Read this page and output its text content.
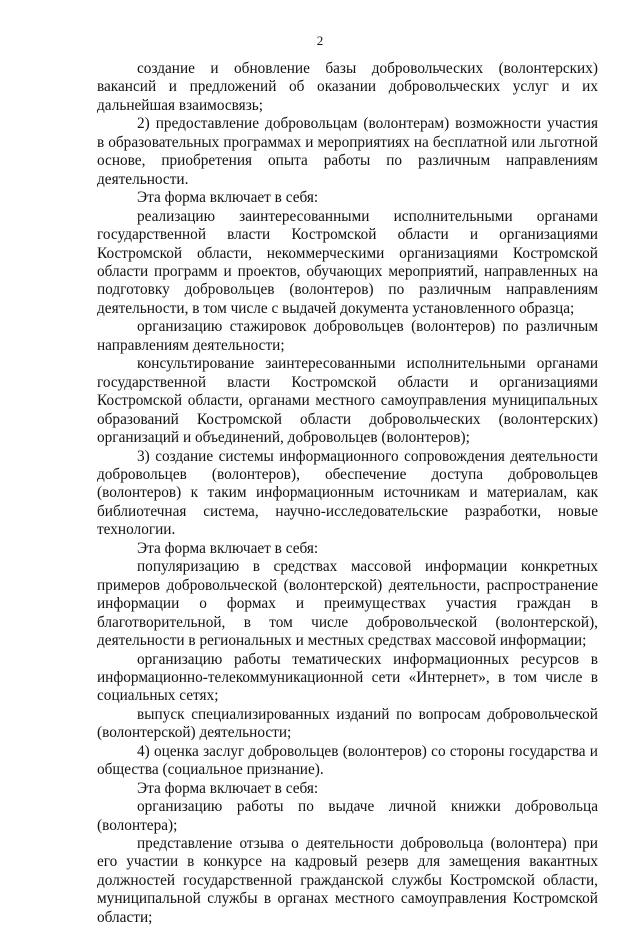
2

создание и обновление базы добровольческих (волонтерских) вакансий и предложений об оказании добровольческих услуг и их дальнейшая взаимосвязь;

2) предоставление добровольцам (волонтерам) возможности участия в образовательных программах и мероприятиях на бесплатной или льготной основе, приобретения опыта работы по различным направлениям деятельности.

Эта форма включает в себя:

реализацию заинтересованными исполнительными органами государственной власти Костромской области и организациями Костромской области, некоммерческими организациями Костромской области программ и проектов, обучающих мероприятий, направленных на подготовку добровольцев (волонтеров) по различным направлениям деятельности, в том числе с выдачей документа установленного образца;

организацию стажировок добровольцев (волонтеров) по различным направлениям деятельности;

консультирование заинтересованными исполнительными органами государственной власти Костромской области и организациями Костромской области, органами местного самоуправления муниципальных образований Костромской области добровольческих (волонтерских) организаций и объединений, добровольцев (волонтеров);

3) создание системы информационного сопровождения деятельности добровольцев (волонтеров), обеспечение доступа добровольцев (волонтеров) к таким информационным источникам и материалам, как библиотечная система, научно-исследовательские разработки, новые технологии.

Эта форма включает в себя:

популяризацию в средствах массовой информации конкретных примеров добровольческой (волонтерской) деятельности, распространение информации о формах и преимуществах участия граждан в благотворительной, в том числе добровольческой (волонтерской), деятельности в региональных и местных средствах массовой информации;

организацию работы тематических информационных ресурсов в информационно-телекоммуникационной сети «Интернет», в том числе в социальных сетях;

выпуск специализированных изданий по вопросам добровольческой (волонтерской) деятельности;

4) оценка заслуг добровольцев (волонтеров) со стороны государства и общества (социальное признание).

Эта форма включает в себя:

организацию работы по выдаче личной книжки добровольца (волонтера);

представление отзыва о деятельности добровольца (волонтера) при его участии в конкурсе на кадровый резерв для замещения вакантных должностей государственной гражданской службы Костромской области, муниципальной службы в органах местного самоуправления Костромской области;
